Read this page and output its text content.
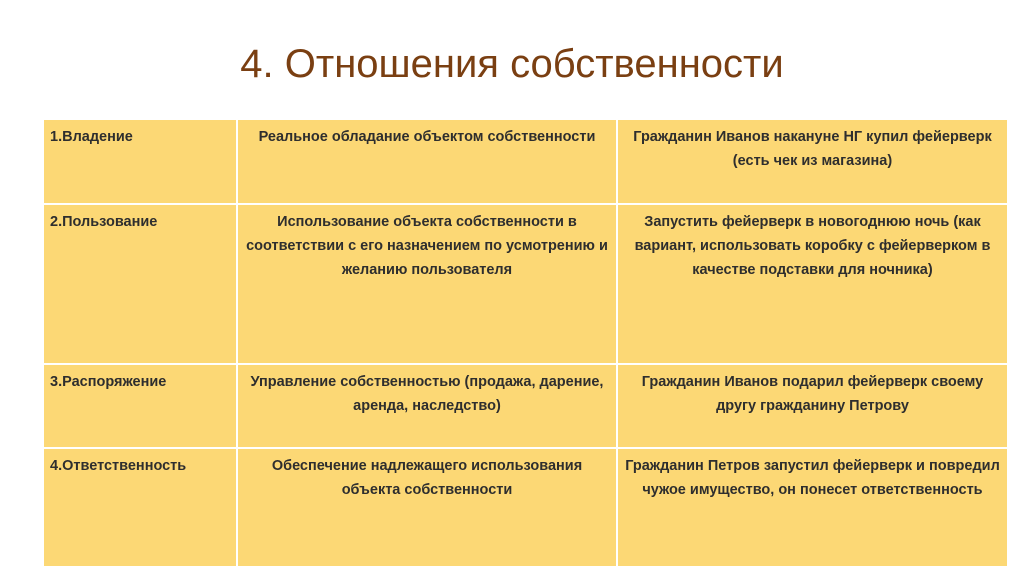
4. Отношения собственности
1.Владение	Реальное обладание объектом собственности	Гражданин Иванов накануне НГ купил фейерверк (есть чек из магазина)
2.Пользование	Использование объекта собственности в соответствии с его назначением по усмотрению и желанию пользователя	Запустить фейерверк в новогоднюю ночь (как вариант, использовать коробку с фейерверком в качестве подставки для ночника)
3.Распоряжение	Управление собственностью (продажа, дарение, аренда, наследство)	Гражданин Иванов подарил фейерверк своему другу гражданину Петрову
4.Ответственность	Обеспечение надлежащего использования объекта собственности	Гражданин Петров запустил фейерверк и повредил чужое имущество, он понесет ответственность
